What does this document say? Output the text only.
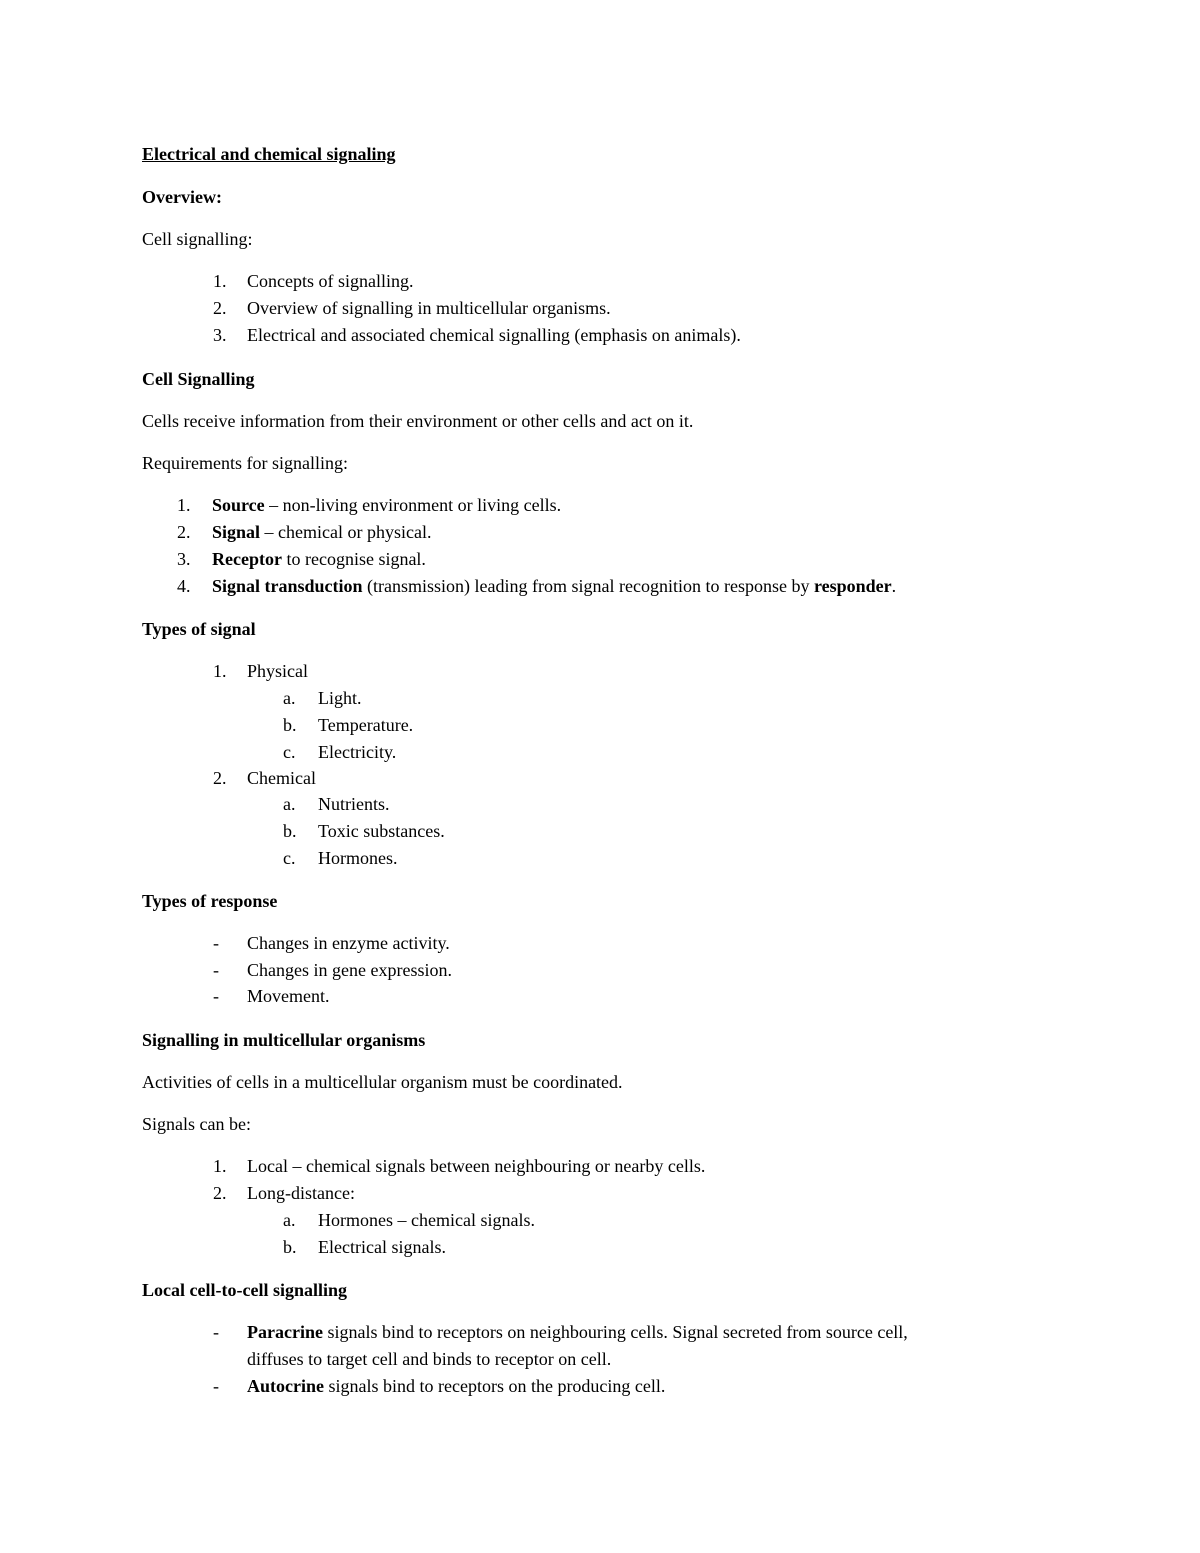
Electrical and chemical signaling
Overview:
Cell signalling:
1. Concepts of signalling.
2. Overview of signalling in multicellular organisms.
3. Electrical and associated chemical signalling (emphasis on animals).
Cell Signalling
Cells receive information from their environment or other cells and act on it.
Requirements for signalling:
1. Source – non-living environment or living cells.
2. Signal – chemical or physical.
3. Receptor to recognise signal.
4. Signal transduction (transmission) leading from signal recognition to response by responder.
Types of signal
1. Physical
a. Light.
b. Temperature.
c. Electricity.
2. Chemical
a. Nutrients.
b. Toxic substances.
c. Hormones.
Types of response
- Changes in enzyme activity.
- Changes in gene expression.
- Movement.
Signalling in multicellular organisms
Activities of cells in a multicellular organism must be coordinated.
Signals can be:
1. Local – chemical signals between neighbouring or nearby cells.
2. Long-distance:
a. Hormones – chemical signals.
b. Electrical signals.
Local cell-to-cell signalling
- Paracrine signals bind to receptors on neighbouring cells. Signal secreted from source cell,
diffuses to target cell and binds to receptor on cell.
- Autocrine signals bind to receptors on the producing cell.
